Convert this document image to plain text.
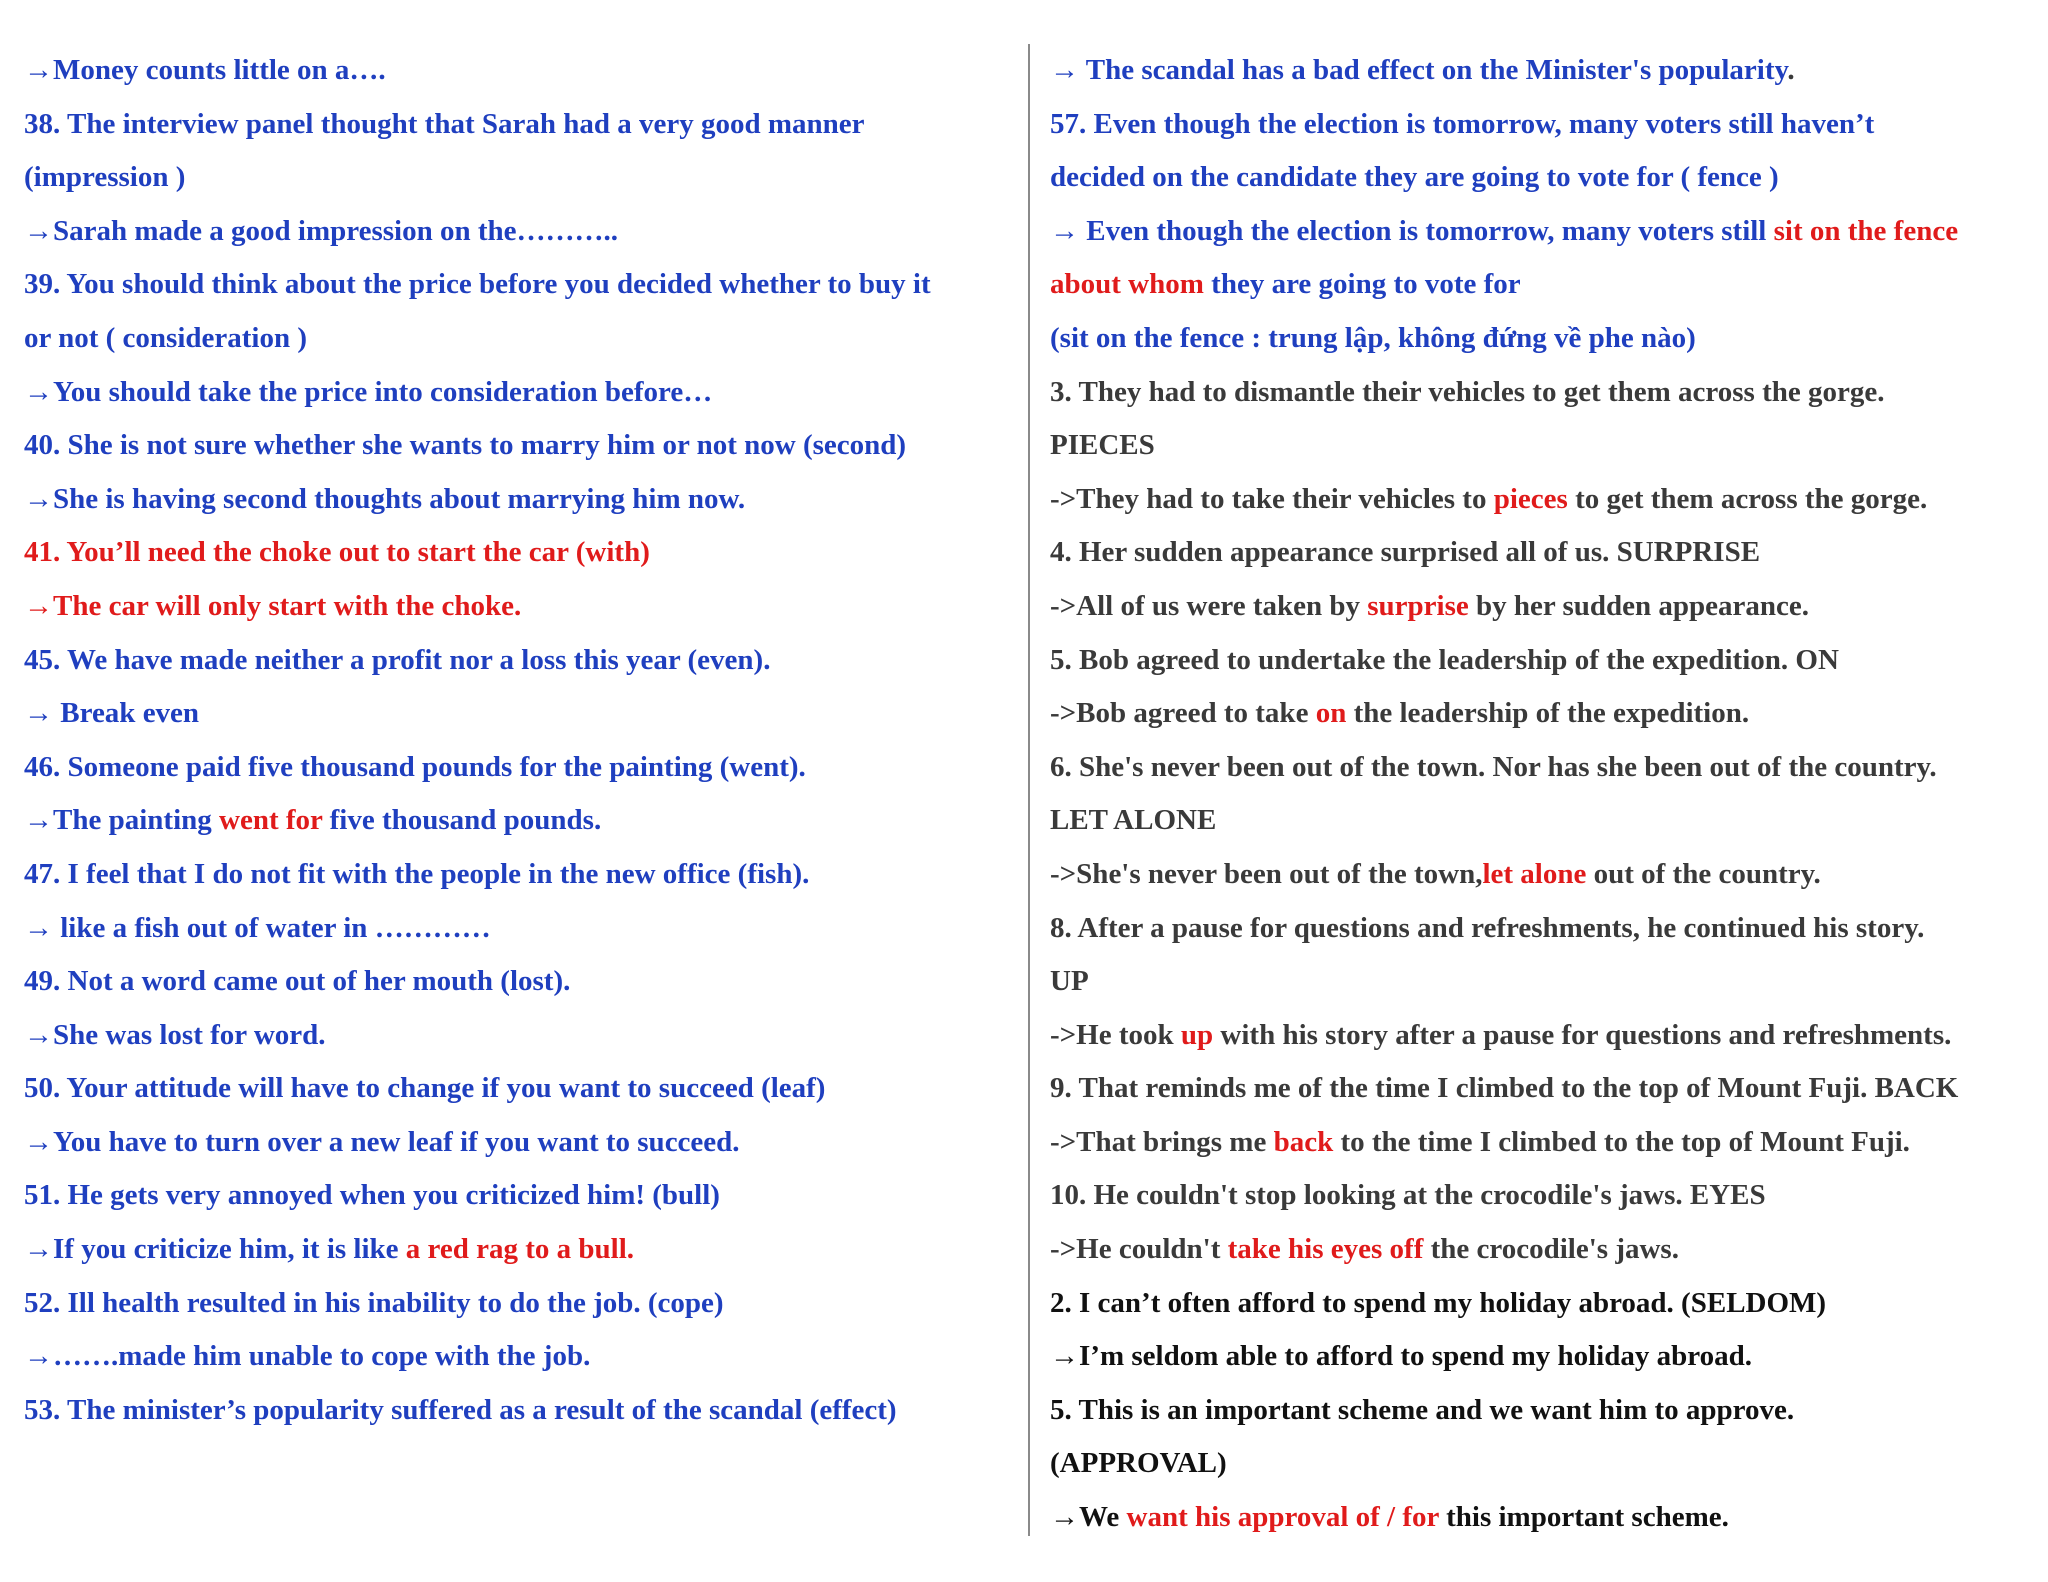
→Money counts little on a….
38. The interview panel thought that Sarah had a very good manner
(impression )
→Sarah made a good impression on the………..
39. You should think about the price before you decided whether to buy it
or not ( consideration )
→You should take the price into consideration before…
40. She is not sure whether she wants to marry him or not now (second)
→She is having second thoughts about marrying him now.
41. You’ll need the choke out to start the car (with)
→The car will only start with the choke.
45. We have made neither a profit nor a loss this year (even).
→ Break even
46. Someone paid five thousand pounds for the painting (went).
→The painting went for five thousand pounds.
47. I feel that I do not fit with the people in the new office (fish).
→ like a fish out of water in …………
49. Not a word came out of her mouth (lost).
→She was lost for word.
50. Your attitude will have to change if you want to succeed (leaf)
→You have to turn over a new leaf if you want to succeed.
51. He gets very annoyed when you criticized him! (bull)
→If you criticize him, it is like a red rag to a bull.
52. Ill health resulted in his inability to do the job. (cope)
→…….made him unable to cope with the job.
53. The minister’s popularity suffered as a result of the scandal (effect)
→ The scandal has a bad effect on the Minister's popularity.
57. Even though the election is tomorrow, many voters still haven’t
decided on the candidate they are going to vote for ( fence )
→ Even though the election is tomorrow, many voters still sit on the fence
about whom they are going to vote for
(sit on the fence : trung lập, không đứng về phe nào)
3. They had to dismantle their vehicles to get them across the gorge.
PIECES
->They had to take their vehicles to pieces to get them across the gorge.
4. Her sudden appearance surprised all of us. SURPRISE
->All of us were taken by surprise by her sudden appearance.
5. Bob agreed to undertake the leadership of the expedition. ON
->Bob agreed to take on the leadership of the expedition.
6. She's never been out of the town. Nor has she been out of the country.
LET ALONE
->She's never been out of the town,let alone out of the country.
8. After a pause for questions and refreshments, he continued his story.
UP
->He took up with his story after a pause for questions and refreshments.
9. That reminds me of the time I climbed to the top of Mount Fuji. BACK
->That brings me back to the time I climbed to the top of Mount Fuji.
10. He couldn't stop looking at the crocodile's jaws. EYES
->He couldn't take his eyes off the crocodile's jaws.
2. I can’t often afford to spend my holiday abroad. (SELDOM)
→I’m seldom able to afford to spend my holiday abroad.
5. This is an important scheme and we want him to approve.
(APPROVAL)
→We want his approval of / for this important scheme.
